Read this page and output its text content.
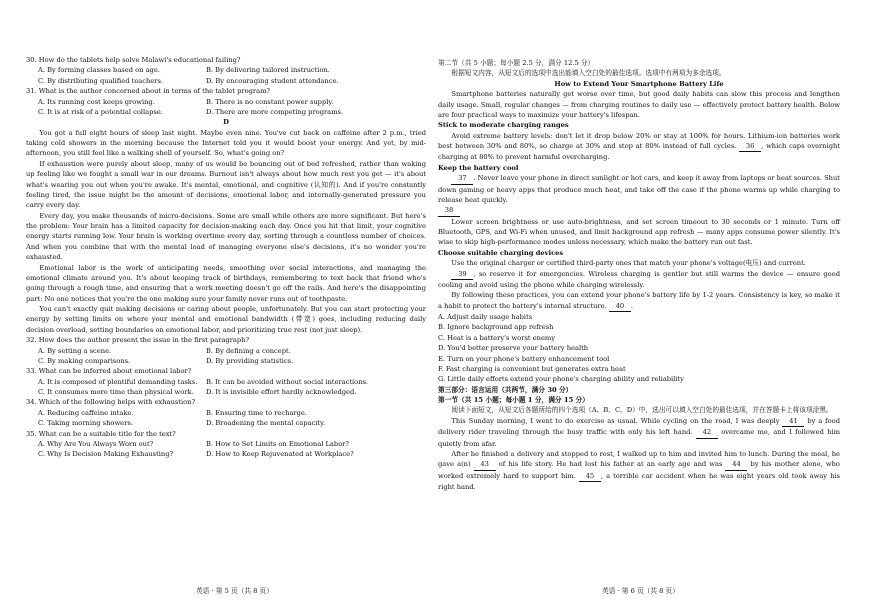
30. How do the tablets help solve Malawi's educational failing?
A. By forming classes based on age.	B. By delivering tailored instruction.
C. By distributing qualified teachers.	D. By encouraging student attendance.
31. What is the author concerned about in terms of the tablet program?
A. Its running cost keeps growing.	B. There is no constant power supply.
C. It is at risk of a potential collapse.	D. There are more competing programs.

D

You got a full eight hours of sleep last night. Maybe even nine. You've cut back on caffeine after 2 p.m., tried taking cold showers in the morning because the Internet told you it would boost your energy. And yet, by mid-afternoon, you still feel like a walking shell of yourself. So, what's going on?

If exhaustion were purely about sleep, many of us would be bouncing out of bed refreshed, rather than waking up feeling like we fought a small war in our dreams. Burnout isn't always about how much rest you get — it's about what's wearing you out when you're awake. It's mental, emotional, and cognitive (认知的). And if you're constantly feeling tired, the issue might be the amount of decisions, emotional labor, and internally-generated pressure you carry every day.

Every day, you make thousands of micro-decisions. Some are small while others are more significant. But here's the problem: Your brain has a limited capacity for decision-making each day. Once you hit that limit, your cognitive energy starts running low. Your brain is working overtime every day, sorting through a countless number of choices. And when you combine that with the mental load of managing everyone else's decisions, it's no wonder you're exhausted.

Emotional labor is the work of anticipating needs, smoothing over social interactions, and managing the emotional climate around you. It's about keeping track of birthdays, remembering to text back that friend who's going through a rough time, and ensuring that a work meeting doesn't go off the rails. And here's the disappointing part: No one notices that you're the one making sure your family never runs out of toothpaste.

You can't exactly quit making decisions or caring about people, unfortunately. But you can start protecting your energy by setting limits on where your mental and emotional bandwidth (带宽) goes, including reducing daily decision overload, setting boundaries on emotional labor, and prioritizing true rest (not just sleep).

32. How does the author present the issue in the first paragraph?
A. By setting a scene.	B. By defining a concept.
C. By making comparisons.	D. By providing statistics.
33. What can be inferred about emotional labor?
A. It is composed of plentiful demanding tasks.	B. It can be avoided without social interactions.
C. It consumes more time than physical work.	D. It is invisible effort hardly acknowledged.
34. Which of the following helps with exhaustion?
A. Reducing caffeine intake.	B. Ensuring time to recharge.
C. Taking morning showers.	D. Broadening the mental capacity.
35. What can be a suitable title for the text?
A. Why Are You Always Worn out?	B. How to Set Limits on Emotional Labor?
C. Why Is Decision Making Exhausting?	D. How to Keep Rejuvenated at Workplace?
英语 · 第 5 页（共 8 页）

第二节（共 5 小题；每小题 2.5 分，满分 12.5 分）

根据短文内容，从短文后的选项中选出能填入空白处的最佳选项。选项中有两项为多余选项。

How to Extend Your Smartphone Battery Life

Smartphone batteries naturally get worse over time, but good daily habits can slow this process and lengthen daily usage. Small, regular changes — from charging routines to daily use — effectively protect battery health. Below are four practical ways to maximize your battery's lifespan.

Stick to moderate charging ranges

Avoid extreme battery levels: don't let it drop below 20% or stay at 100% for hours. Lithium-ion batteries work best between 30% and 80%, so charge at 30% and stop at 80% instead of full cycles. 36 , which caps overnight charging at 80% to prevent harmful overcharging.

Keep the battery cool

37 . Never leave your phone in direct sunlight or hot cars, and keep it away from laptops or heat sources. Shut down gaming or heavy apps that produce much heat, and take off the case if the phone warms up while charging to release heat quickly.

38

Lower screen brightness or use auto-brightness, and set screen timeout to 30 seconds or 1 minute. Turn off Bluetooth, GPS, and Wi-Fi when unused, and limit background app refresh — many apps consume power silently. It's wise to skip high-performance modes unless necessary, which make the battery run out fast.

Choose suitable charging devices

Use the original charger or certified third-party ones that match your phone's voltage(电压) and current.

39 , so reserve it for emergencies. Wireless charging is gentler but still warms the device — ensure good cooling and avoid using the phone while charging wirelessly.

By following these practices, you can extend your phone's battery life by 1-2 years. Consistency is key, so make it a habit to protect the battery's internal structure. 40 .

A. Adjust daily usage habits
B. Ignore background app refresh
C. Heat is a battery's worst enemy
D. You'd better preserve your battery health
E. Turn on your phone's battery enhancement tool
F. Fast charging is convenient but generates extra heat
G. Little daily efforts extend your phone's charging ability and reliability

第三部分：语言运用（共两节，满分 30 分）

第一节（共 15 小题；每小题 1 分，满分 15 分）

阅读下面短文，从短文后各题所给的四个选项（A、B、C、D）中，选出可以填入空白处的最佳选项，并在答题卡上将该项涂黑。

This Sunday morning, I went to do exercise as usual. While cycling on the road, I was deeply 41 by a food delivery rider traveling through the busy traffic with only his left hand. 42 overcame me, and I followed him quietly from afar.

After he finished a delivery and stopped to rest, I walked up to him and invited him to lunch. During the meal, he gave a(n) 43 of his life story. He had lost his father at an early age and was 44 by his mother alone, who worked extremely hard to support him. 45 , a terrible car accident when he was eight years old took away his right hand.

英语 · 第 6 页（共 8 页）
